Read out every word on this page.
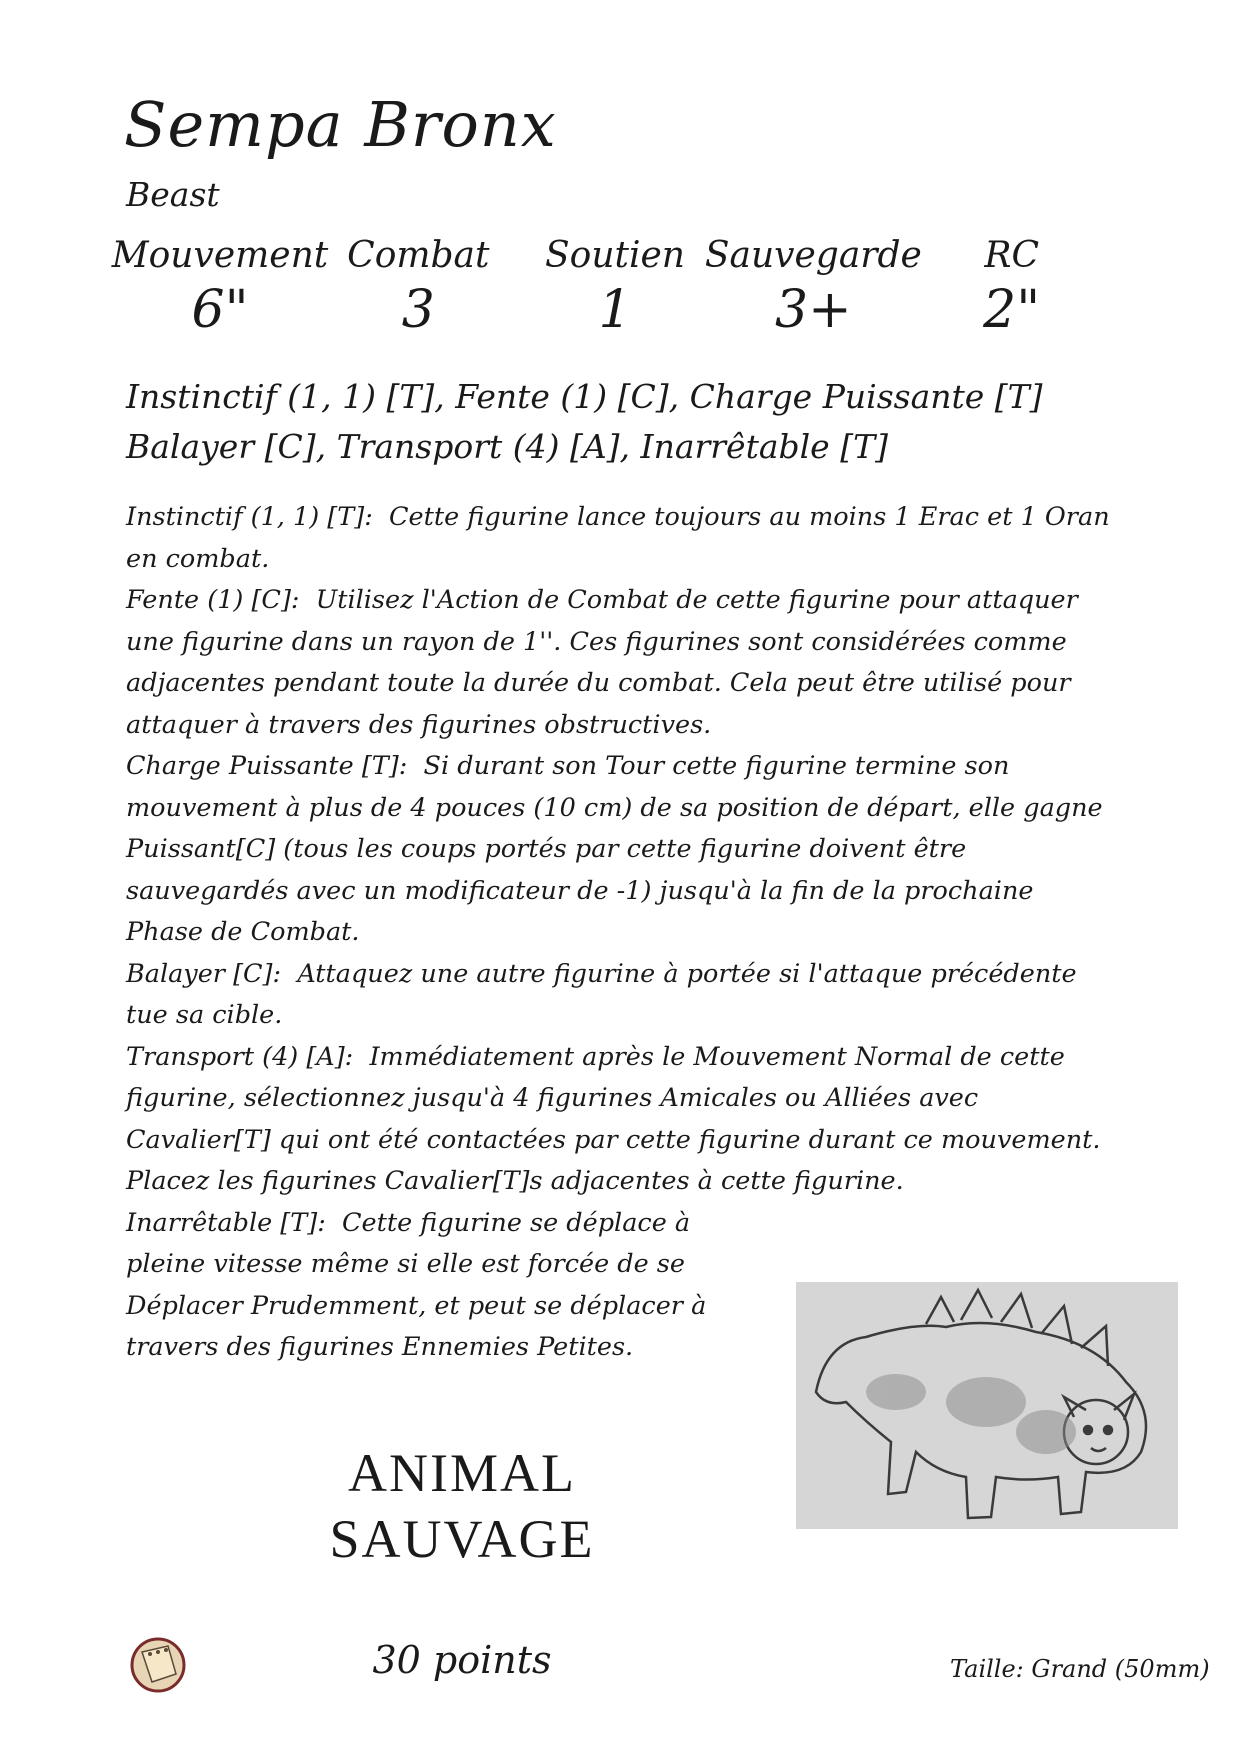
Sempa Bronx
Beast
Mouvement
6"
Combat
3
Soutien
1
Sauvegarde
3+
RC
2"
Instinctif (1, 1) [T], Fente (1) [C], Charge Puissante [T]
Balayer [C], Transport (4) [A], Inarrêtable [T]

Instinctif (1, 1) [T]: Cette figurine lance toujours au moins 1 Erac et 1 Oran en combat.

Fente (1) [C]: Utilisez l'Action de Combat de cette figurine pour attaquer une figurine dans un rayon de 1''. Ces figurines sont considérées comme adjacentes pendant toute la durée du combat. Cela peut être utilisé pour attaquer à travers des figurines obstructives.

Charge Puissante [T]: Si durant son Tour cette figurine termine son mouvement à plus de 4 pouces (10 cm) de sa position de départ, elle gagne Puissant[C] (tous les coups portés par cette figurine doivent être sauvegardés avec un modificateur de -1) jusqu'à la fin de la prochaine Phase de Combat.

Balayer [C]: Attaquez une autre figurine à portée si l'attaque précédente tue sa cible.

Transport (4) [A]: Immédiatement après le Mouvement Normal de cette figurine, sélectionnez jusqu'à 4 figurines Amicales ou Alliées avec Cavalier[T] qui ont été contactées par cette figurine durant ce mouvement. Placez les figurines Cavalier[T]s adjacentes à cette figurine.

Inarrêtable [T]: Cette figurine se déplace à pleine vitesse même si elle est forcée de se Déplacer Prudemment, et peut se déplacer à travers des figurines Ennemies Petites.

ANIMAL
SAUVAGE
30 points	Taille: Grand (50mm)
